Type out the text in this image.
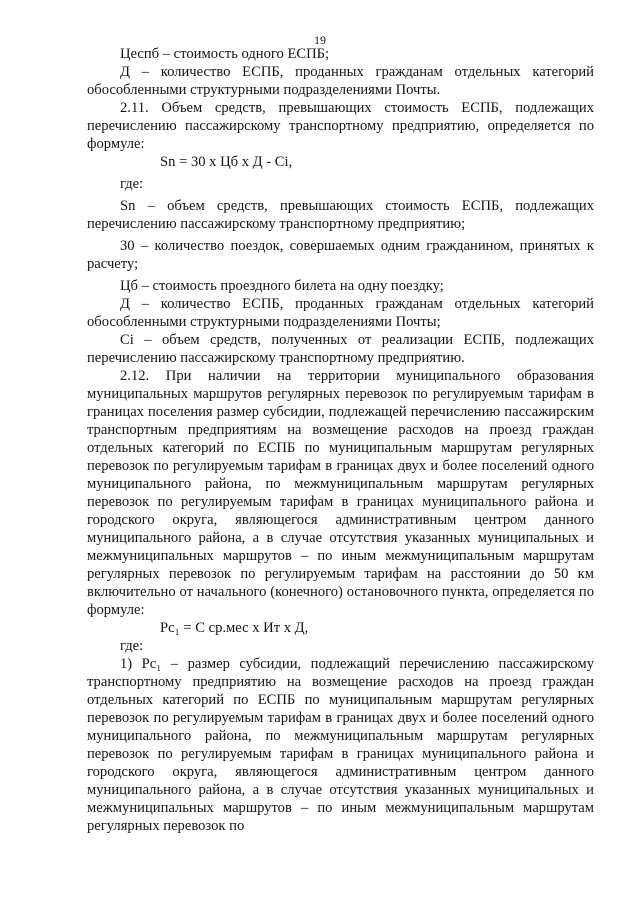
19

Цеспб – стоимость одного ЕСПБ;

Д – количество ЕСПБ, проданных гражданам отдельных категорий обособленными структурными подразделениями Почты.

2.11. Объем средств, превышающих стоимость ЕСПБ, подлежащих перечислению пассажирскому транспортному предприятию, определяется по формуле:

Sn = 30 х Цб х Д - Ci,

где:

Sn – объем средств, превышающих стоимость ЕСПБ, подлежащих перечислению пассажирскому транспортному предприятию;

30 – количество поездок, совершаемых одним гражданином, принятых к расчету;

Цб – стоимость проездного билета на одну поездку;

Д – количество ЕСПБ, проданных гражданам отдельных категорий обособленными структурными подразделениями Почты;

Ci – объем средств, полученных от реализации ЕСПБ, подлежащих перечислению пассажирскому транспортному предприятию.

2.12. При наличии на территории муниципального образования муниципальных маршрутов регулярных перевозок по регулируемым тарифам в границах поселения размер субсидии, подлежащей перечислению пассажирским транспортным предприятиям на возмещение расходов на проезд граждан отдельных категорий по ЕСПБ по муниципальным маршрутам регулярных перевозок по регулируемым тарифам в границах двух и более поселений одного муниципального района, по межмуниципальным маршрутам регулярных перевозок по регулируемым тарифам в границах муниципального района и городского округа, являющегося административным центром данного муниципального района, а в случае отсутствия указанных муниципальных и межмуниципальных маршрутов – по иным межмуниципальным маршрутам регулярных перевозок по регулируемым тарифам на расстоянии до 50 км включительно от начального (конечного) остановочного пункта, определяется по формуле:

Рс₁ = С ср.мес х Ит х Д,

где:

1) Рс₁ – размер субсидии, подлежащий перечислению пассажирскому транспортному предприятию на возмещение расходов на проезд граждан отдельных категорий по ЕСПБ по муниципальным маршрутам регулярных перевозок по регулируемым тарифам в границах двух и более поселений одного муниципального района, по межмуниципальным маршрутам регулярных перевозок по регулируемым тарифам в границах муниципального района и городского округа, являющегося административным центром данного муниципального района, а в случае отсутствия указанных муниципальных и межмуниципальных маршрутов – по иным межмуниципальным маршрутам регулярных перевозок по
